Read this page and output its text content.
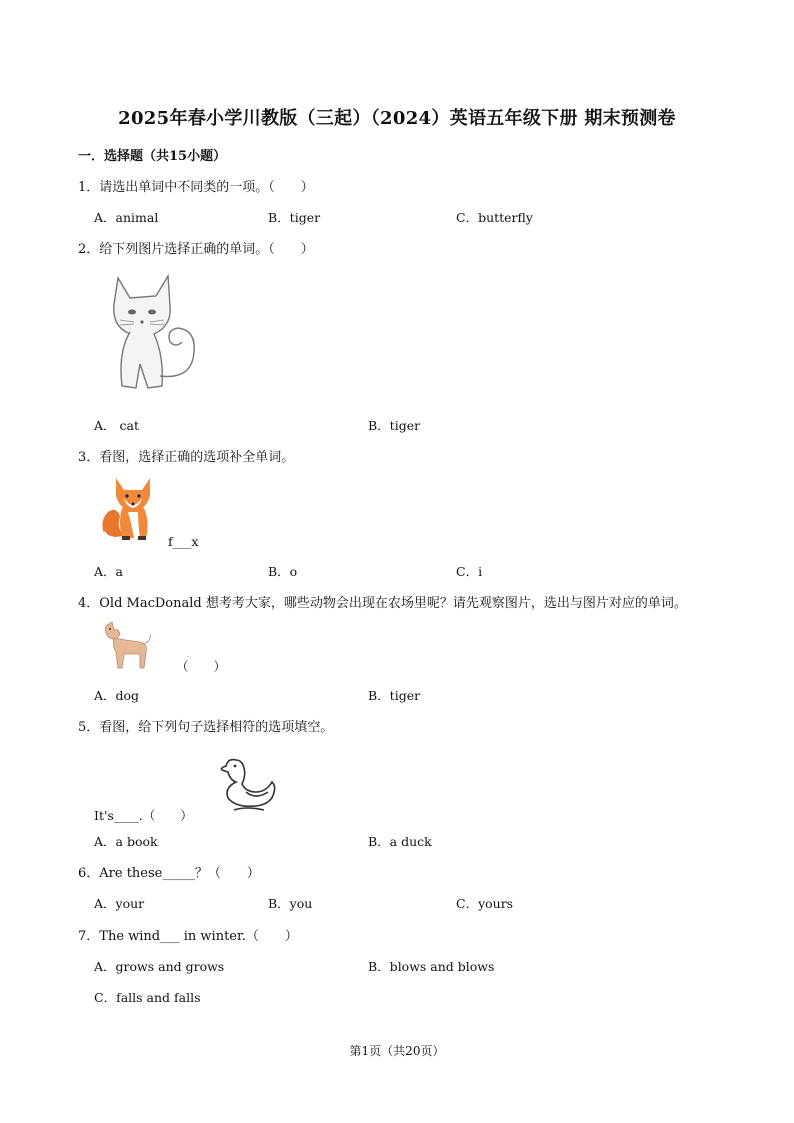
2025年春小学川教版（三起）（2024）英语五年级下册 期末预测卷
一．选择题（共15小题）
1．请选出单词中不同类的一项。（　　）
A．animal	B．tiger	C．butterfly
2．给下列图片选择正确的单词。（　　）
A． cat	B．tiger
3．看图，选择正确的选项补全单词。
f___x
A．a	B．o	C．i
4．Old MacDonald 想考考大家，哪些动物会出现在农场里呢？请先观察图片，选出与图片对应的单词。
（　　）
A．dog	B．tiger
5．看图，给下列句子选择相符的选项填空。
It's____.（　　）
A．a book	B．a duck
6．Are these_____？（　　）
A．your	B．you	C．yours
7．The wind___ in winter.（　　）
A．grows and grows	B．blows and blows
C．falls and falls
第1页（共20页）
